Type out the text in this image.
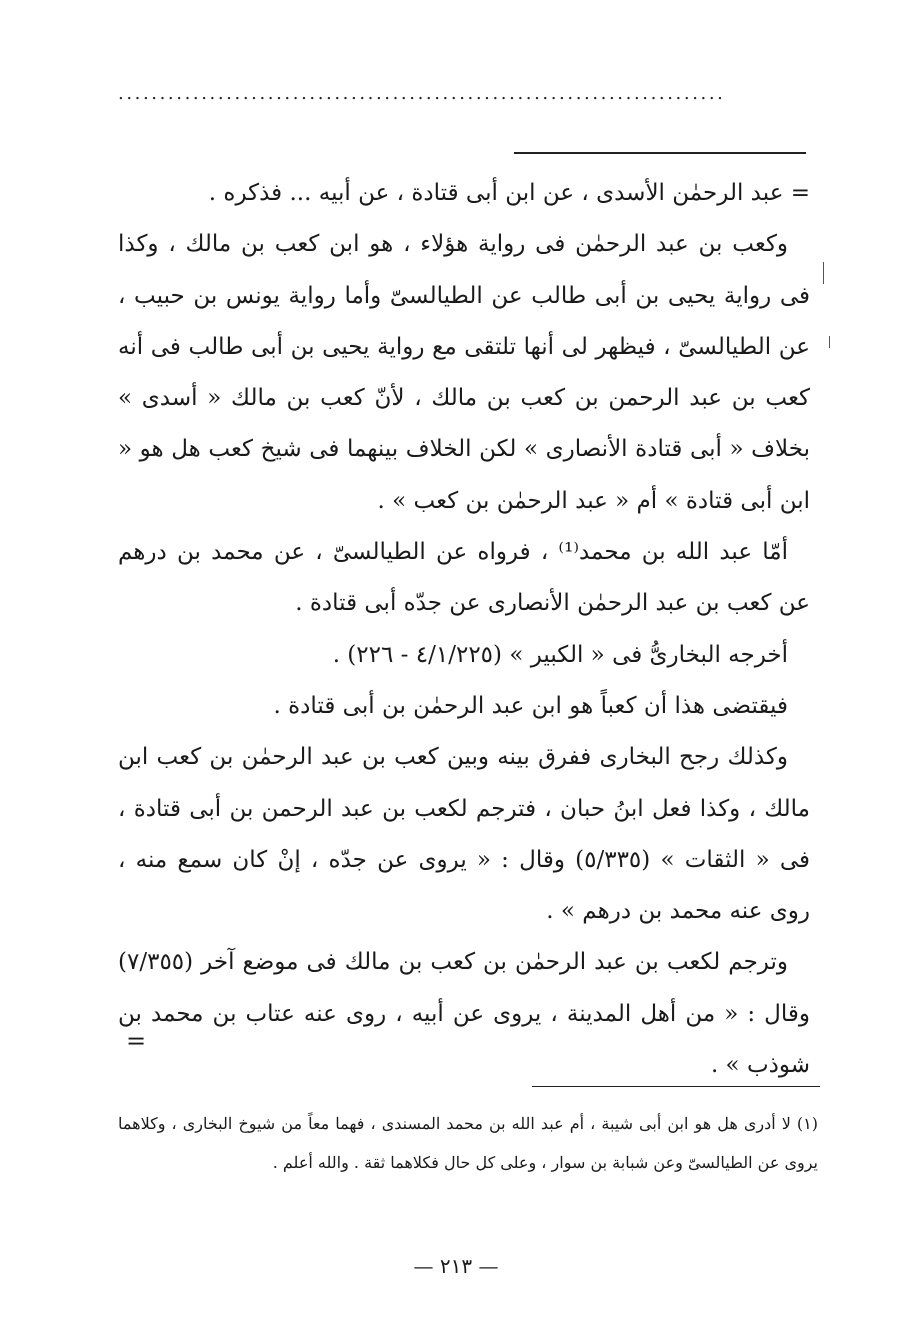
.........................................................................

= عبد الرحمٰن الأسدى ، عن ابن أبى قتادة ، عن أبيه ... فذكره .

وكعب بن عبد الرحمٰن فى رواية هؤلاء ، هو ابن كعب بن مالك ، وكذا فى رواية يحيى بن أبى طالب عن الطيالسىّ وأما رواية يونس بن حبيب ، عن الطيالسىّ ، فيظهر لى أنها تلتقى مع رواية يحيى بن أبى طالب فى أنه كعب بن عبد الرحمن بن كعب بن مالك ، لأنّ كعب بن مالك « أسدى » بخلاف « أبى قتادة الأنصارى » لكن الخلاف بينهما فى شيخ كعب هل هو « ابن أبى قتادة » أم « عبد الرحمٰن بن كعب » .

أمّا عبد الله بن محمد⁽¹⁾ ، فرواه عن الطيالسىّ ، عن محمد بن درهم عن كعب بن عبد الرحمٰن الأنصارى عن جدّه أبى قتادة .

أخرجه البخارىُّ فى « الكبير » (٤/١/٢٢٥ - ٢٢٦) .

فيقتضى هذا أن كعباً هو ابن عبد الرحمٰن بن أبى قتادة .

وكذلك رجح البخارى ففرق بينه وبين كعب بن عبد الرحمٰن بن كعب ابن مالك ، وكذا فعل ابنُ حبان ، فترجم لكعب بن عبد الرحمن بن أبى قتادة ، فى « الثقات » (٥/٣٣٥) وقال : « يروى عن جدّه ، إنْ كان سمع منه ، روى عنه محمد بن درهم » .

وترجم لكعب بن عبد الرحمٰن بن كعب بن مالك فى موضع آخر (٧/٣٥٥) وقال : « من أهل المدينة ، يروى عن أبيه ، روى عنه عتاب بن محمد بن شوذب » .

=

(١) لا أدرى هل هو ابن أبى شيبة ، أم عبد الله بن محمد المسندى ، فهما معاً من شيوخ البخارى ، وكلاهما يروى عن الطيالسىّ وعن شبابة بن سوار ، وعلى كل حال فكلاهما ثقة . والله أعلم .

— ٢١٣ —
